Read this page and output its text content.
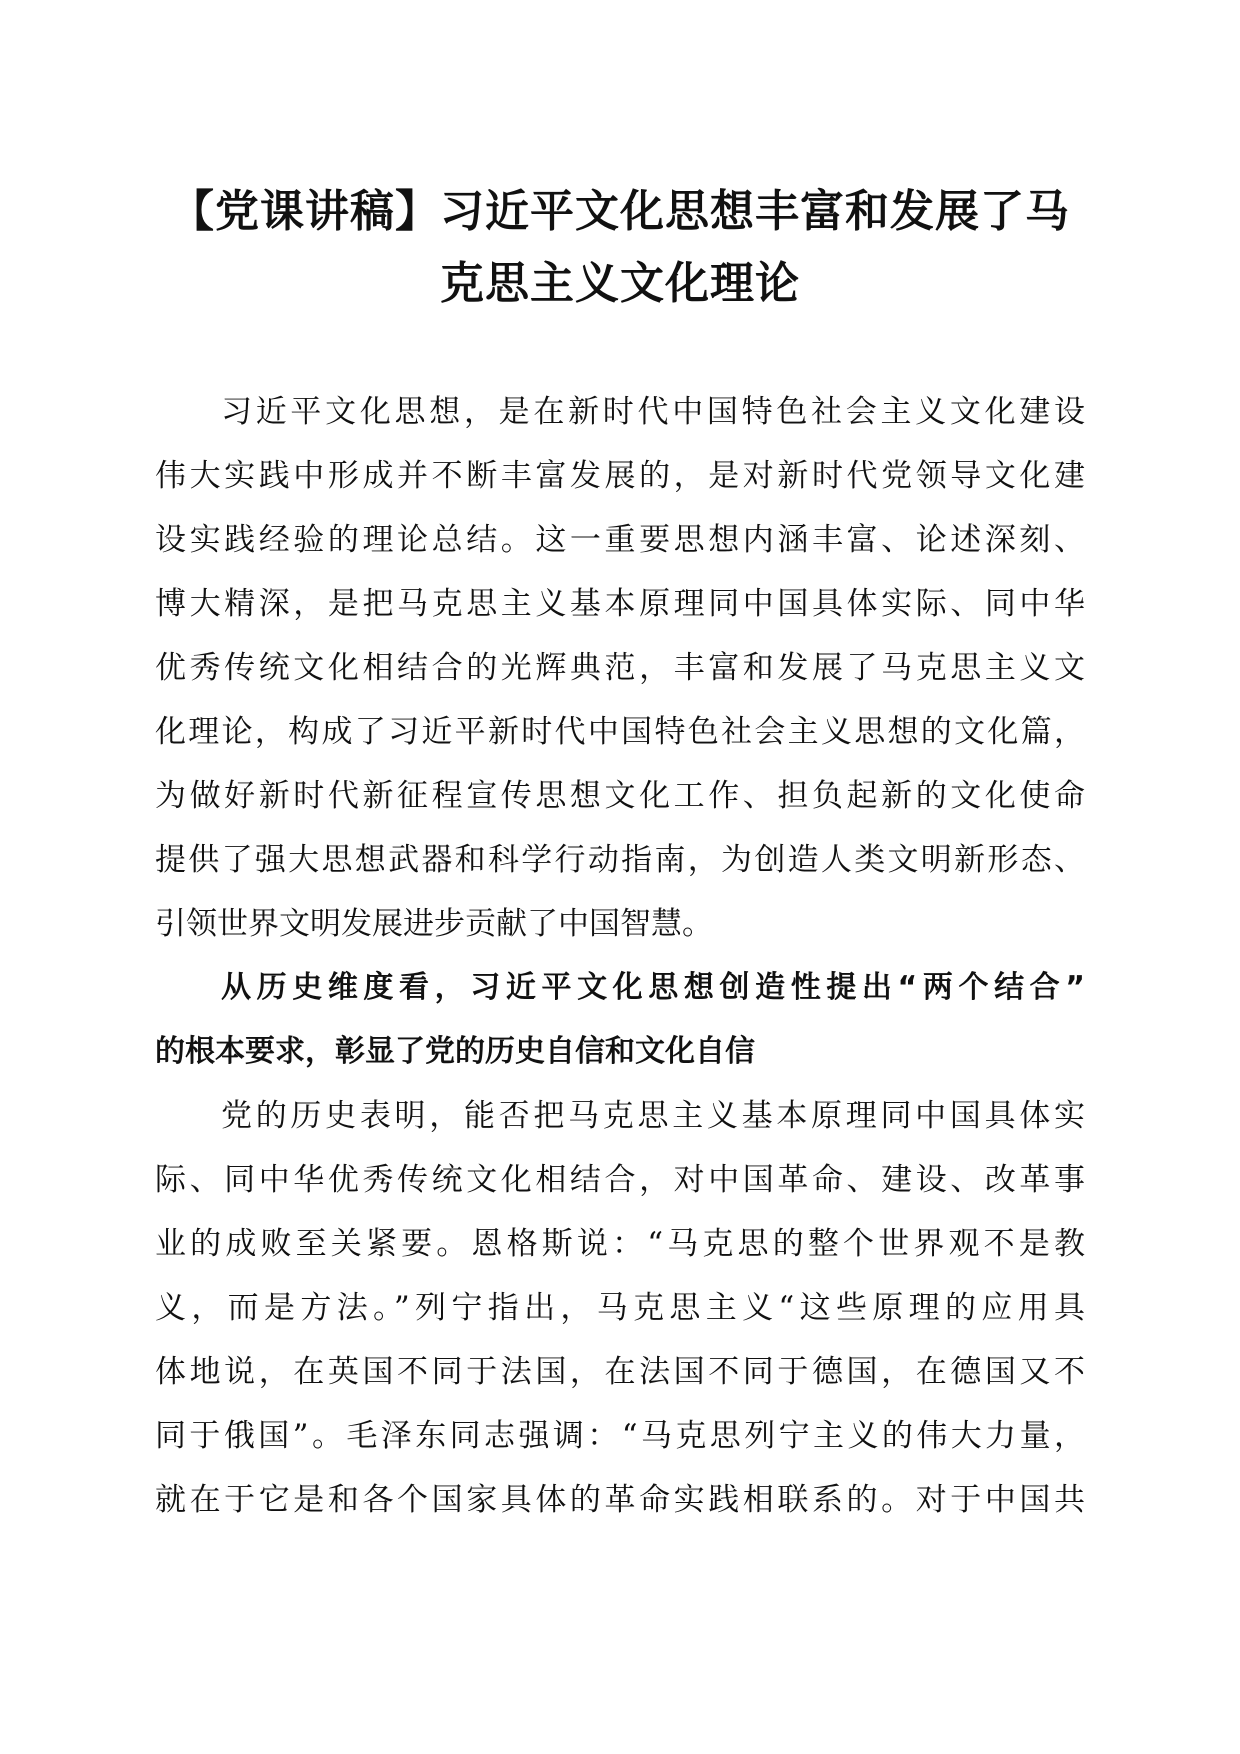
【党课讲稿】习近平文化思想丰富和发展了马
克思主义文化理论
习近平文化思想，是在新时代中国特色社会主义文化建设
伟大实践中形成并不断丰富发展的，是对新时代党领导文化建
设实践经验的理论总结。这一重要思想内涵丰富、论述深刻、
博大精深，是把马克思主义基本原理同中国具体实际、同中华
优秀传统文化相结合的光辉典范，丰富和发展了马克思主义文
化理论，构成了习近平新时代中国特色社会主义思想的文化篇，
为做好新时代新征程宣传思想文化工作、担负起新的文化使命
提供了强大思想武器和科学行动指南，为创造人类文明新形态、
引领世界文明发展进步贡献了中国智慧。
从历史维度看，习近平文化思想创造性提出“两个结合”
的根本要求，彰显了党的历史自信和文化自信
党的历史表明，能否把马克思主义基本原理同中国具体实
际、同中华优秀传统文化相结合，对中国革命、建设、改革事
业的成败至关紧要。恩格斯说：“马克思的整个世界观不是教
义，而是方法。”列宁指出，马克思主义“这些原理的应用具
体地说，在英国不同于法国，在法国不同于德国，在德国又不
同于俄国”。毛泽东同志强调：“马克思列宁主义的伟大力量，
就在于它是和各个国家具体的革命实践相联系的。对于中国共
